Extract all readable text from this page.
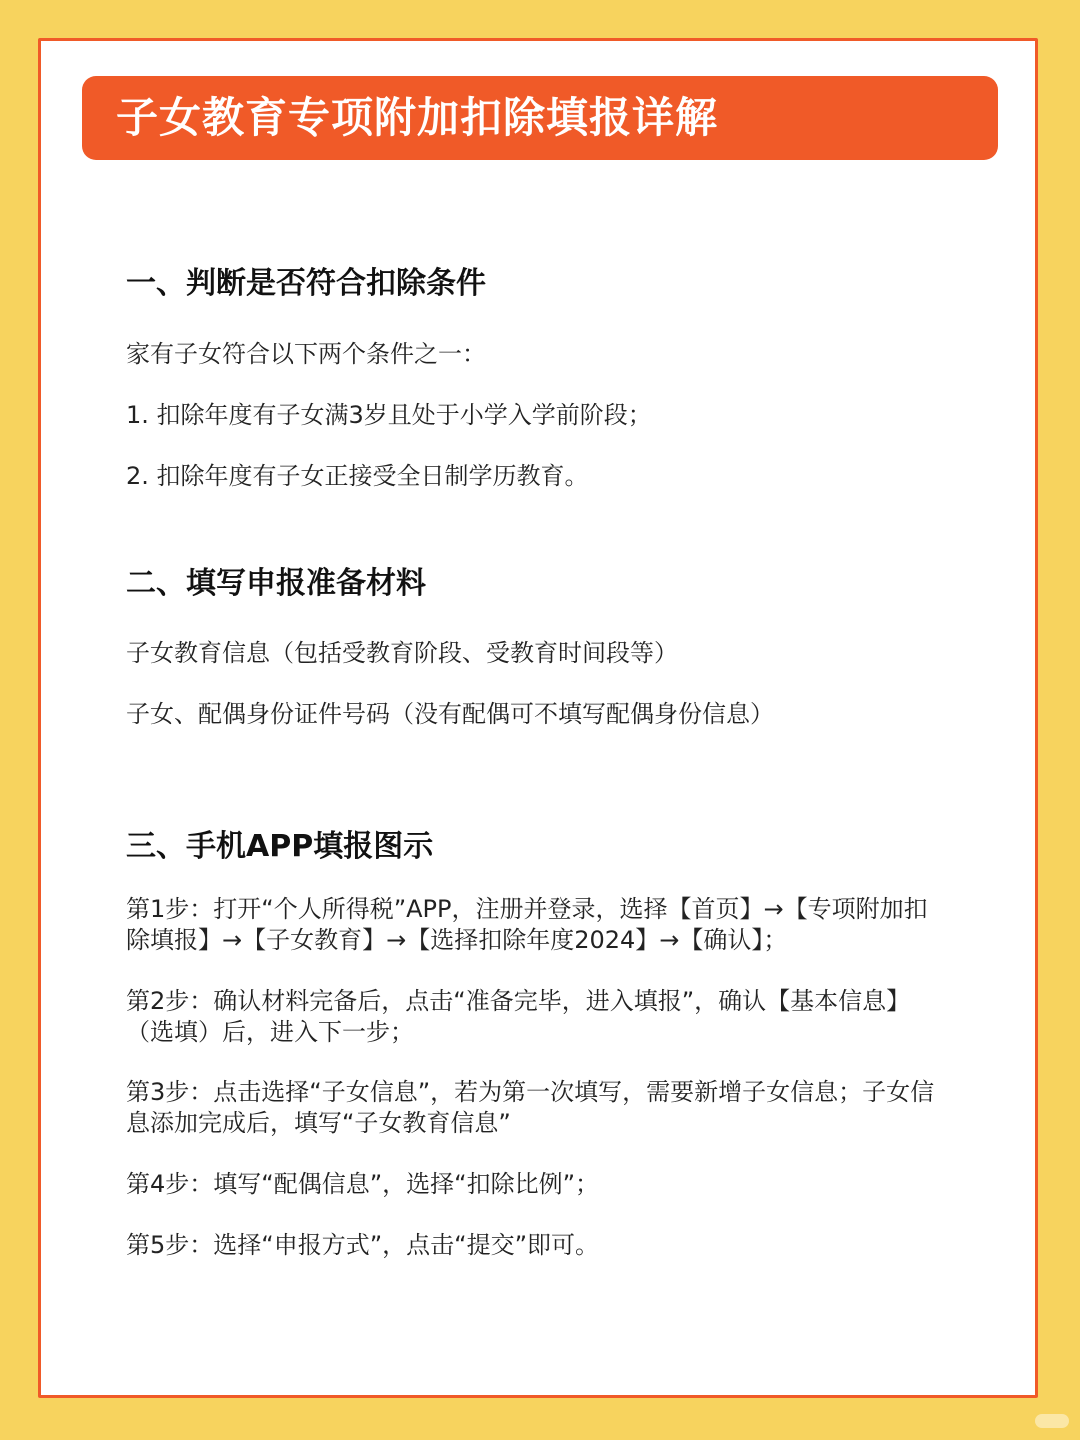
子女教育专项附加扣除填报详解
一、判断是否符合扣除条件
家有子女符合以下两个条件之一：
1. 扣除年度有子女满3岁且处于小学入学前阶段；
2. 扣除年度有子女正接受全日制学历教育。
二、填写申报准备材料
子女教育信息（包括受教育阶段、受教育时间段等）
子女、配偶身份证件号码（没有配偶可不填写配偶身份信息）
三、手机APP填报图示
第1步：打开“个人所得税”APP，注册并登录，选择【首页】→【专项附加扣除填报】→【子女教育】→【选择扣除年度2024】→【确认】；
第2步：确认材料完备后，点击“准备完毕，进入填报”，确认【基本信息】（选填）后，进入下一步；
第3步：点击选择“子女信息”，若为第一次填写，需要新增子女信息；子女信息添加完成后，填写“子女教育信息”
第4步：填写“配偶信息”，选择“扣除比例”；
第5步：选择“申报方式”，点击“提交”即可。
